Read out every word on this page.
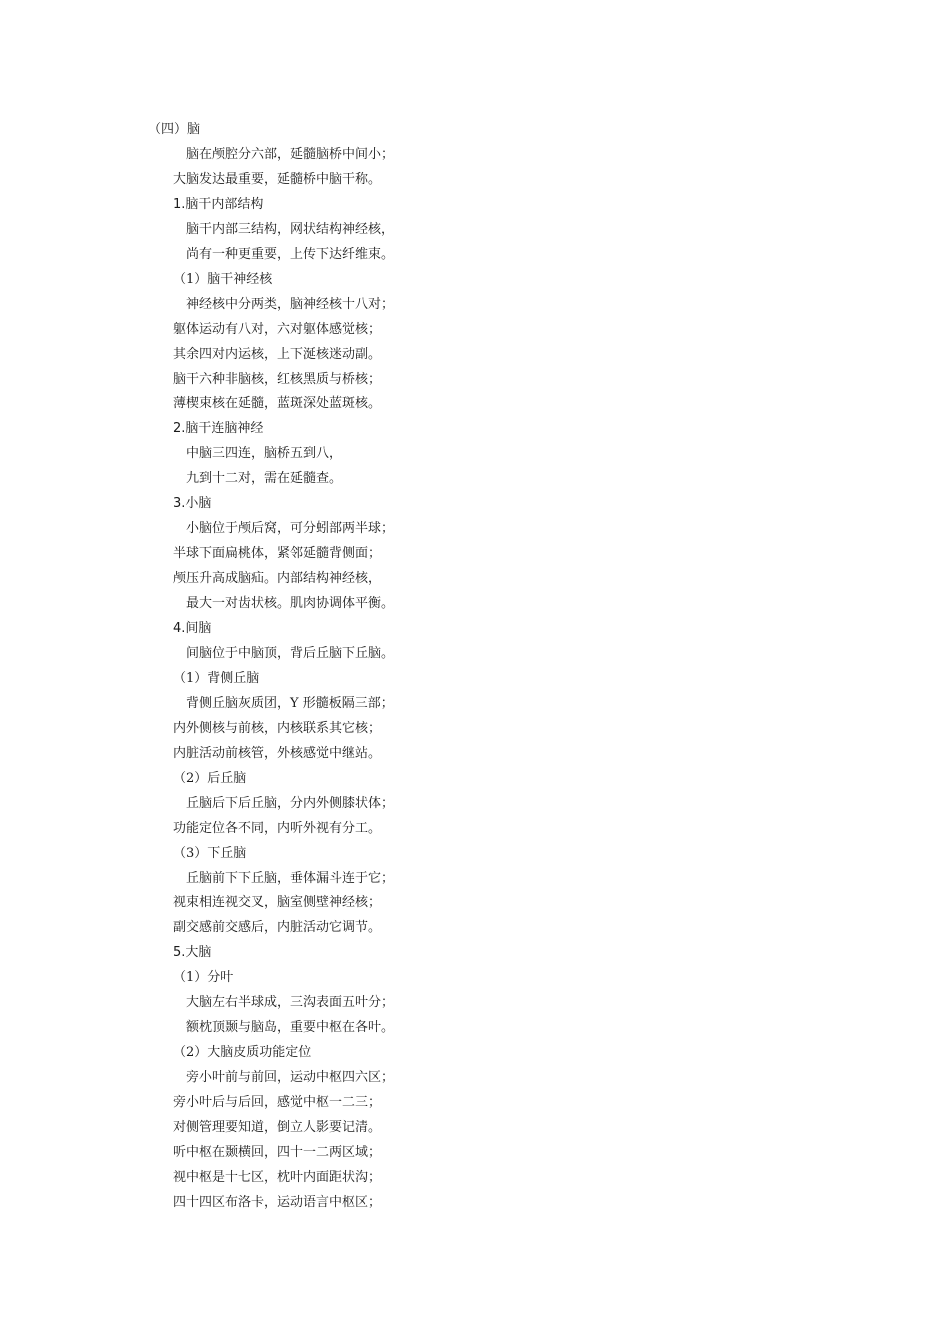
（四）脑
脑在颅腔分六部，延髓脑桥中间小；
大脑发达最重要，延髓桥中脑干称。
1.脑干内部结构
脑干内部三结构，网状结构神经核，
尚有一种更重要，上传下达纤维束。
（1）脑干神经核
神经核中分两类，脑神经核十八对；
躯体运动有八对，六对躯体感觉核；
其余四对内运核，上下涎核迷动副。
脑干六种非脑核，红核黑质与桥核；
薄楔束核在延髓，蓝斑深处蓝斑核。
2.脑干连脑神经
中脑三四连，脑桥五到八，
九到十二对，需在延髓查。
3.小脑
小脑位于颅后窝，可分蚓部两半球；
半球下面扁桃体，紧邻延髓背侧面；
颅压升高成脑疝。内部结构神经核，
最大一对齿状核。肌肉协调体平衡。
4.间脑
间脑位于中脑顶，背后丘脑下丘脑。
（1）背侧丘脑
背侧丘脑灰质团，Y 形髓板隔三部；
内外侧核与前核，内核联系其它核；
内脏活动前核管，外核感觉中继站。
（2）后丘脑
丘脑后下后丘脑，分内外侧膝状体；
功能定位各不同，内听外视有分工。
（3）下丘脑
丘脑前下下丘脑，垂体漏斗连于它；
视束相连视交叉，脑室侧壁神经核；
副交感前交感后，内脏活动它调节。
5.大脑
（1）分叶
大脑左右半球成，三沟表面五叶分；
额枕顶颞与脑岛，重要中枢在各叶。
（2）大脑皮质功能定位
旁小叶前与前回，运动中枢四六区；
旁小叶后与后回，感觉中枢一二三；
对侧管理要知道，倒立人影要记清。
听中枢在颞横回，四十一二两区域；
视中枢是十七区，枕叶内面距状沟；
四十四区布洛卡，运动语言中枢区；
